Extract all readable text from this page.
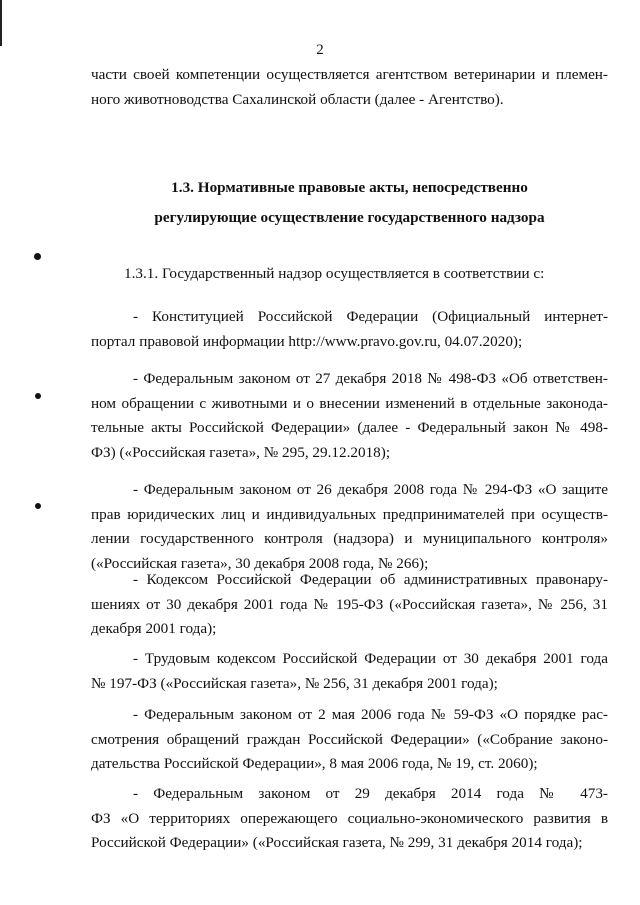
2
части своей компетенции осуществляется агентством ветеринарии и племен-
ного животноводства Сахалинской области (далее - Агентство).
1.3. Нормативные правовые акты, непосредственно
регулирующие осуществление государственного надзора
1.3.1. Государственный надзор осуществляется в соответствии с:
- Конституцией Российской Федерации (Официальный интернет-
портал правовой информации http://www.pravo.gov.ru, 04.07.2020);
- Федеральным законом от 27 декабря 2018 № 498-ФЗ «Об ответствен-
ном обращении с животными и о внесении изменений в отдельные законода-
тельные акты Российской Федерации» (далее - Федеральный закон № 498-
ФЗ) («Российская газета», № 295, 29.12.2018);
- Федеральным законом от 26 декабря 2008 года № 294-ФЗ «О защите
прав юридических лиц и индивидуальных предпринимателей при осуществ-
лении государственного контроля (надзора) и муниципального контроля»
(«Российская газета», 30 декабря 2008 года, № 266);
- Кодексом Российской Федерации об административных правонару-
шениях от 30 декабря 2001 года № 195-ФЗ («Российская газета», № 256, 31
декабря 2001 года);
- Трудовым кодексом Российской Федерации от 30 декабря 2001 года
№ 197-ФЗ («Российская газета», № 256, 31 декабря 2001 года);
- Федеральным законом от 2 мая 2006 года № 59-ФЗ «О порядке рас-
смотрения обращений граждан Российской Федерации» («Собрание законо-
дательства Российской Федерации», 8 мая 2006 года, № 19, ст. 2060);
- Федеральным законом от 29 декабря 2014 года № 473-
ФЗ «О территориях опережающего социально-экономического развития в
Российской Федерации» («Российская газета, № 299, 31 декабря 2014 года);
